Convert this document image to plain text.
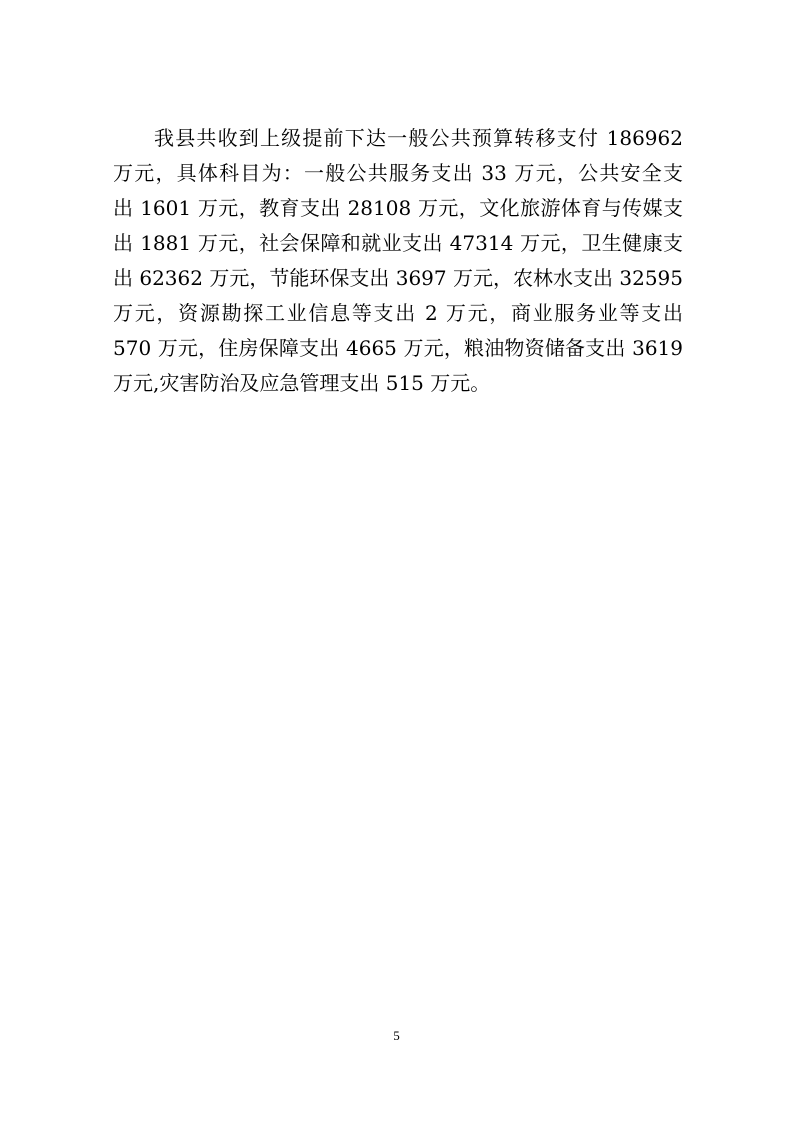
我县共收到上级提前下达一般公共预算转移支付 186962
万元，具体科目为：一般公共服务支出 33 万元，公共安全支
出 1601 万元，教育支出 28108 万元，文化旅游体育与传媒支
出 1881 万元，社会保障和就业支出 47314 万元，卫生健康支
出 62362 万元，节能环保支出 3697 万元，农林水支出 32595
万元，资源勘探工业信息等支出 2 万元，商业服务业等支出
570 万元，住房保障支出 4665 万元，粮油物资储备支出 3619
万元,灾害防治及应急管理支出 515 万元。

5
